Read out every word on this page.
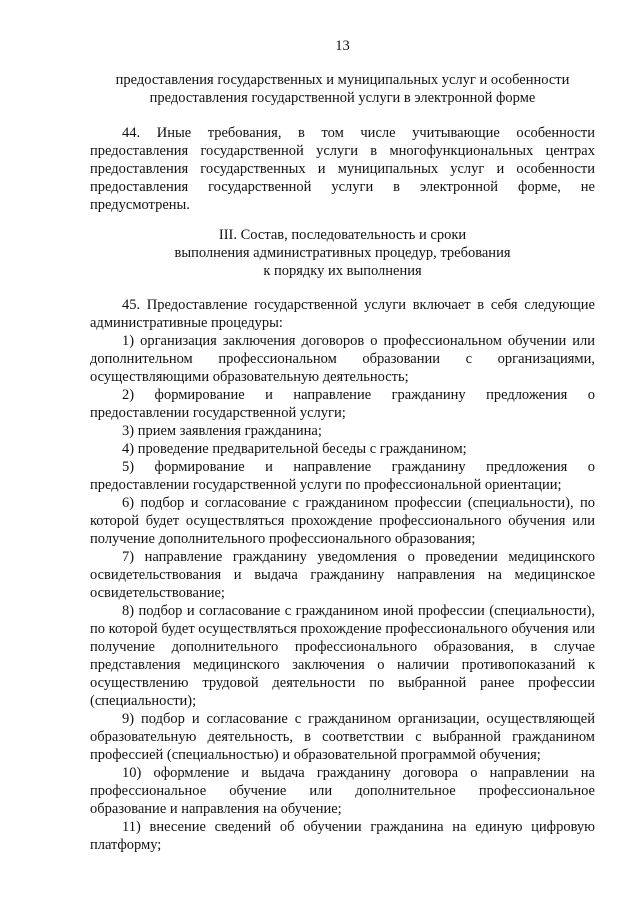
13
предоставления государственных и муниципальных услуг и особенности
предоставления государственной услуги в электронной форме

44. Иные требования, в том числе учитывающие особенности предоставления государственной услуги в многофункциональных центрах предоставления государственных и муниципальных услуг и особенности предоставления государственной услуги в электронной форме, не предусмотрены.

III. Состав, последовательность и сроки
выполнения административных процедур, требования
к порядку их выполнения

45. Предоставление государственной услуги включает в себя следующие административные процедуры:

1) организация заключения договоров о профессиональном обучении или дополнительном профессиональном образовании с организациями, осуществляющими образовательную деятельность;

2) формирование и направление гражданину предложения о предоставлении государственной услуги;

3) прием заявления гражданина;

4) проведение предварительной беседы с гражданином;

5) формирование и направление гражданину предложения о предоставлении государственной услуги по профессиональной ориентации;

6) подбор и согласование с гражданином профессии (специальности), по которой будет осуществляться прохождение профессионального обучения или получение дополнительного профессионального образования;

7) направление гражданину уведомления о проведении медицинского освидетельствования и выдача гражданину направления на медицинское освидетельствование;

8) подбор и согласование с гражданином иной профессии (специальности), по которой будет осуществляться прохождение профессионального обучения или получение дополнительного профессионального образования, в случае представления медицинского заключения о наличии противопоказаний к осуществлению трудовой деятельности по выбранной ранее профессии (специальности);

9) подбор и согласование с гражданином организации, осуществляющей образовательную деятельность, в соответствии с выбранной гражданином профессией (специальностью) и образовательной программой обучения;

10) оформление и выдача гражданину договора о направлении на профессиональное обучение или дополнительное профессиональное образование и направления на обучение;

11) внесение сведений об обучении гражданина на единую цифровую платформу;
